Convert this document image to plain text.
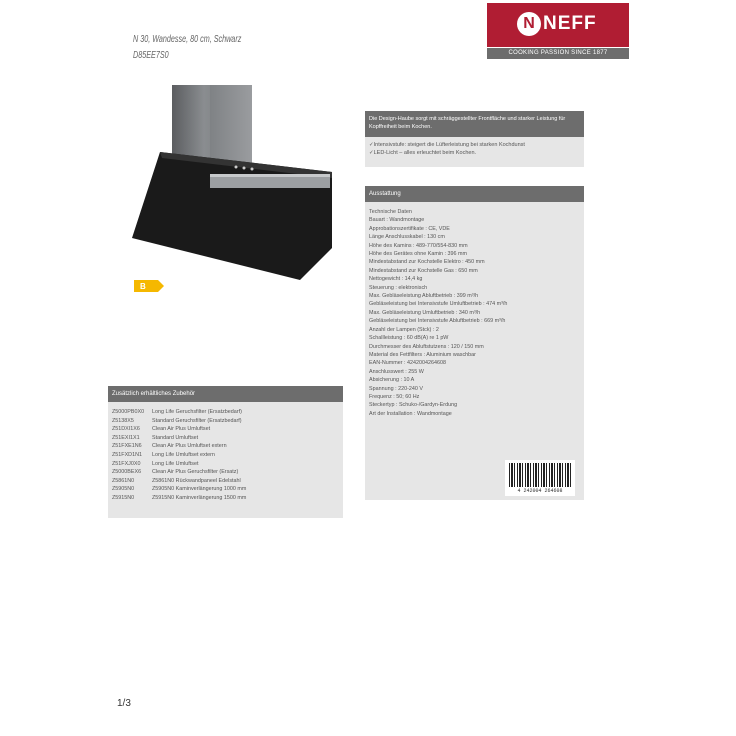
N 30, Wandesse, 80 cm, Schwarz
D85EE7S0
N NEFF
COOKING PASSION SINCE 1877
B
Die Design-Haube sorgt mit schräggestellter Frontfläche und starker Leistung für Kopffreiheit beim Kochen.
✓ Intensivstufe: steigert die Lüfterleistung bei starken Kochdunst
✓ LED-Licht – alles erleuchtet beim Kochen.
Ausstattung
Technische Daten
Bauart : Wandmontage
Approbationszertifikate : CE, VDE
Länge Anschlusskabel : 130 cm
Höhe des Kamins : 489-770/554-830 mm
Höhe des Gerätes ohne Kamin : 396 mm
Mindestabstand zur Kochstelle Elektro : 450 mm
Mindestabstand zur Kochstelle Gas : 650 mm
Nettogewicht : 14,4 kg
Steuerung : elektronisch
Max. Gebläseleistung Abluftbetrieb : 399 m³/h
Gebläseleistung bei Intensivstufe Umluftbetrieb : 474 m³/h
Max. Gebläseleistung Umluftbetrieb : 340 m³/h
Gebläseleistung bei Intensivstufe Abluftbetrieb : 669 m³/h
Anzahl der Lampen (Stck) : 2
Schallleistung : 60 dB(A) re 1 pW
Durchmesser des Abluftstutzens : 120 / 150 mm
Material des Fettfilters : Aluminium waschbar
EAN-Nummer : 4242004264608
Anschlusswert : 255 W
Absicherung : 10 A
Spannung : 220-240 V
Frequenz : 50; 60 Hz
Steckertyp : Schuko-/Gardyn-Erdung
Art der Installation : Wandmontage
4 242004 264608
Zusätzlich erhältliches Zubehör
Z5000PB0X0	Long Life Geruchsfilter (Ersatzbedarf)
Z5138X5	Standard Geruchsfilter (Ersatzbedarf)
Z51DXI1X6	Clean Air Plus Umluftset
Z51EXI1X1	Standard Umluftset
Z51FXE1N6	Clean Air Plus Umluftset extern
Z51FXD1N1	Long Life Umluftset extern
Z51FXJ0X0	Long Life Umluftset
Z5000BEX6	Clean Air Plus Geruchsfilter (Ersatz)
Z5861N0	Z5861N0 Rückwandpaneel Edelstahl
Z5905N0	Z5905N0 Kaminverlängerung 1000 mm
Z5915N0	Z5915N0 Kaminverlängerung 1500 mm
1/3
